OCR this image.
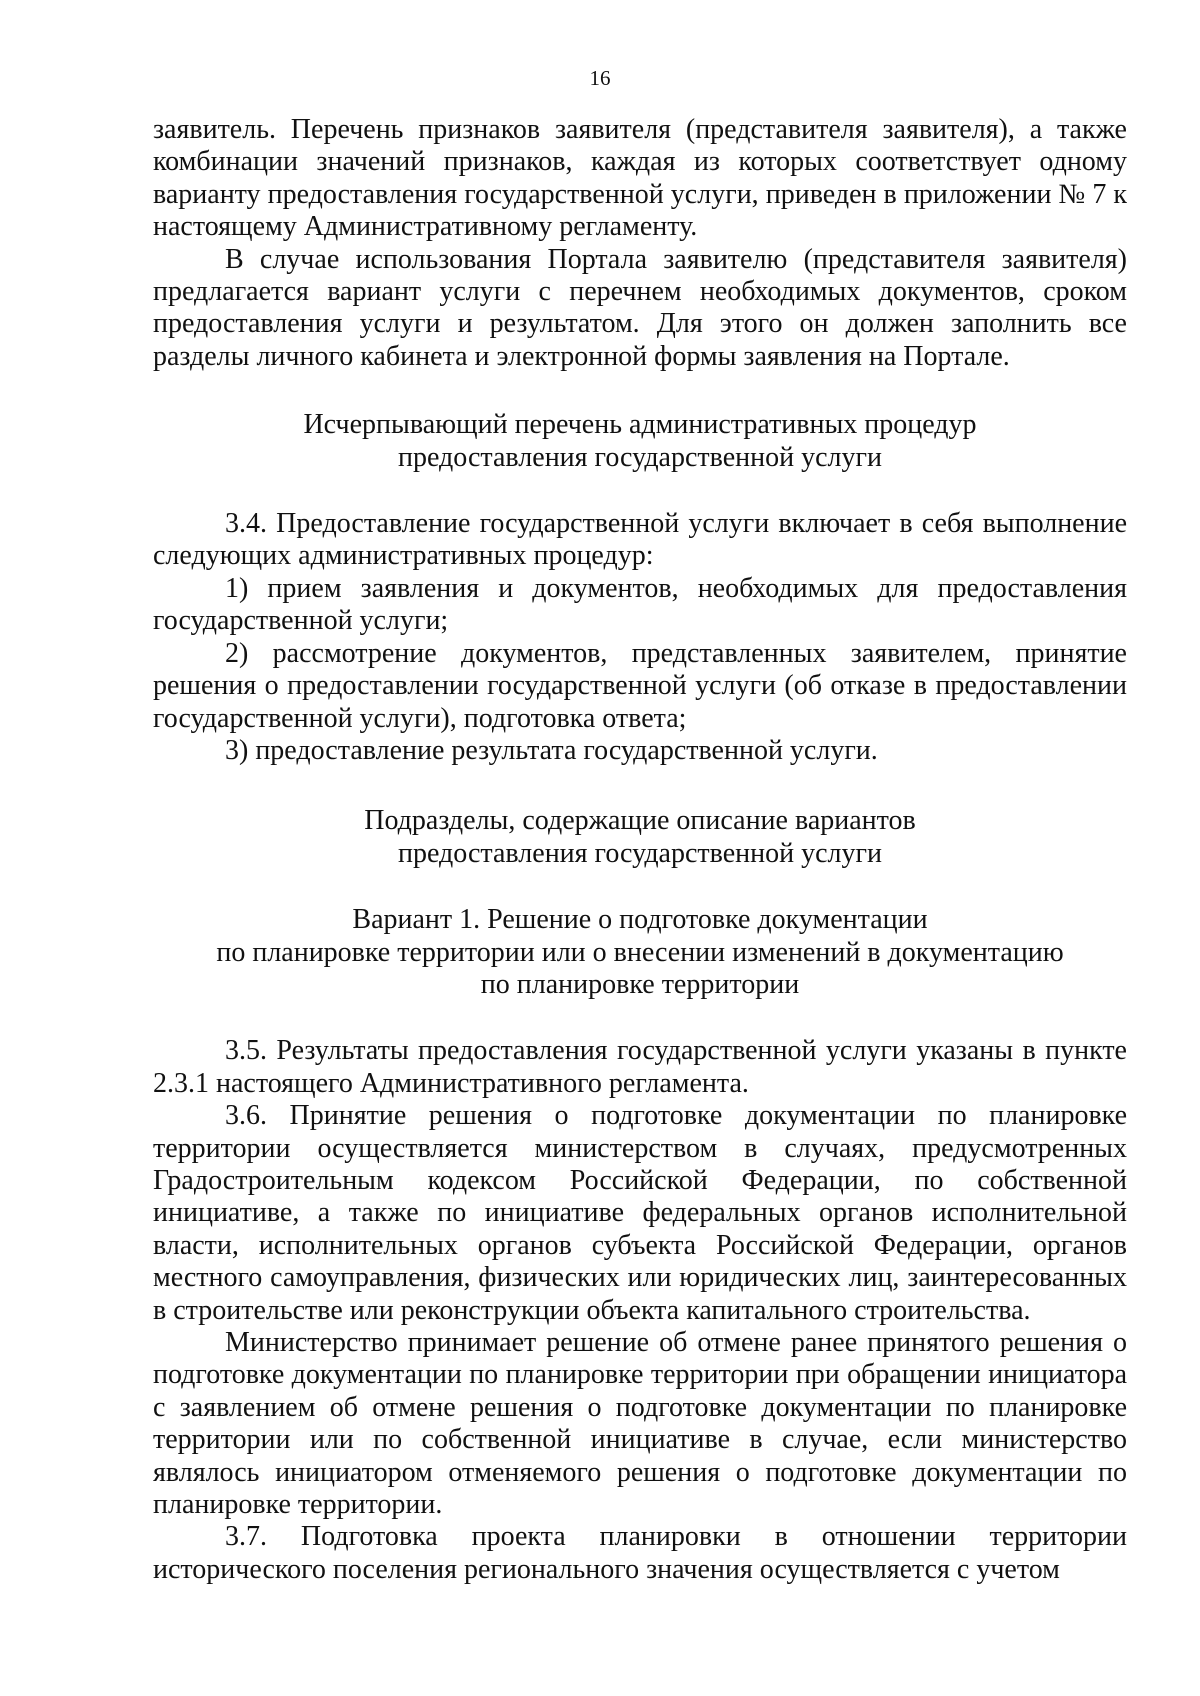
16

заявитель. Перечень признаков заявителя (представителя заявителя), а также комбинации значений признаков, каждая из которых соответствует одному варианту предоставления государственной услуги, приведен в приложении № 7 к настоящему Административному регламенту.

В случае использования Портала заявителю (представителя заявителя) предлагается вариант услуги с перечнем необходимых документов, сроком предоставления услуги и результатом. Для этого он должен заполнить все разделы личного кабинета и электронной формы заявления на Портале.

Исчерпывающий перечень административных процедур
предоставления государственной услуги

3.4. Предоставление государственной услуги включает в себя выполнение следующих административных процедур:

1) прием заявления и документов, необходимых для предоставления государственной услуги;

2) рассмотрение документов, представленных заявителем, принятие решения о предоставлении государственной услуги (об отказе в предоставлении государственной услуги), подготовка ответа;

3) предоставление результата государственной услуги.

Подразделы, содержащие описание вариантов
предоставления государственной услуги

Вариант 1. Решение о подготовке документации
по планировке территории или о внесении изменений в документацию
по планировке территории

3.5. Результаты предоставления государственной услуги указаны в пункте 2.3.1 настоящего Административного регламента.

3.6. Принятие решения о подготовке документации по планировке территории осуществляется министерством в случаях, предусмотренных Градостроительным кодексом Российской Федерации, по собственной инициативе, а также по инициативе федеральных органов исполнительной власти, исполнительных органов субъекта Российской Федерации, органов местного самоуправления, физических или юридических лиц, заинтересованных в строительстве или реконструкции объекта капитального строительства.

Министерство принимает решение об отмене ранее принятого решения о подготовке документации по планировке территории при обращении инициатора с заявлением об отмене решения о подготовке документации по планировке территории или по собственной инициативе в случае, если министерство являлось инициатором отменяемого решения о подготовке документации по планировке территории.

3.7. Подготовка проекта планировки в отношении территории исторического поселения регионального значения осуществляется с учетом
